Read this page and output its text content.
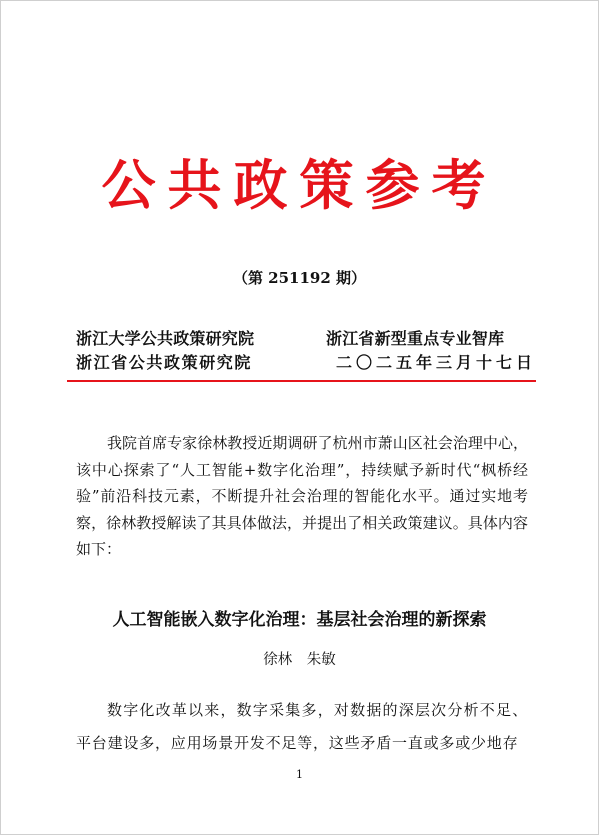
公共政策参考
（第 251192 期）
浙江大学公共政策研究院
浙江省公共政策研究院
浙江省新型重点专业智库
二〇二五年三月十七日

我院首席专家徐林教授近期调研了杭州市萧山区社会治理中心，该中心探索了“人工智能+数字化治理”，持续赋予新时代“枫桥经验”前沿科技元素，不断提升社会治理的智能化水平。通过实地考察，徐林教授解读了其具体做法，并提出了相关政策建议。具体内容如下：

人工智能嵌入数字化治理：基层社会治理的新探索
徐林 朱敏

数字化改革以来，数字采集多，对数据的深层次分析不足、平台建设多，应用场景开发不足等，这些矛盾一直或多或少地存

1
